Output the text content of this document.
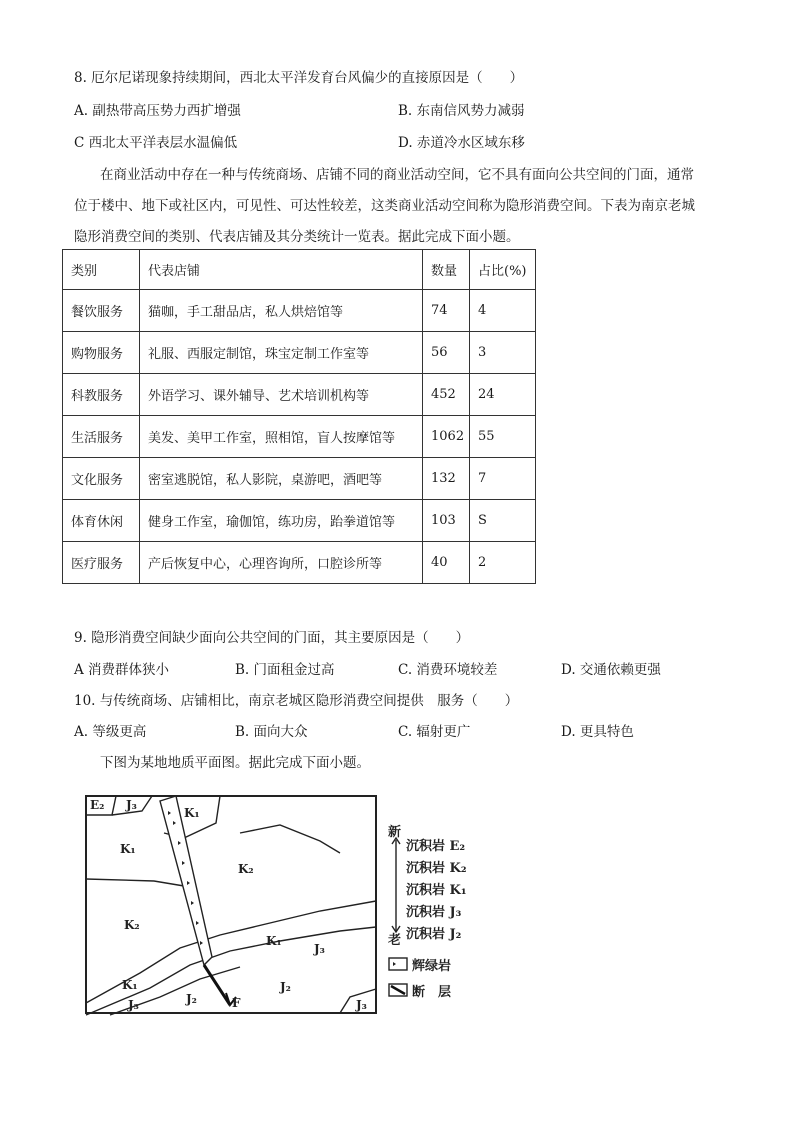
8. 厄尔尼诺现象持续期间，西北太平洋发育台风偏少的直接原因是（　　）
A. 副热带高压势力西扩增强	B. 东南信风势力减弱
C 西北太平洋表层水温偏低	D. 赤道冷水区域东移
在商业活动中存在一种与传统商场、店铺不同的商业活动空间，它不具有面向公共空间的门面，通常
位于楼中、地下或社区内，可见性、可达性较差，这类商业活动空间称为隐形消费空间。下表为南京老城
隐形消费空间的类别、代表店铺及其分类统计一览表。据此完成下面小题。
类别	代表店铺	数量	占比(%)
餐饮服务	猫咖，手工甜品店，私人烘焙馆等	74	4
购物服务	礼服、西服定制馆，珠宝定制工作室等	56	3
科教服务	外语学习、课外辅导、艺术培训机构等	452	24
生活服务	美发、美甲工作室，照相馆，盲人按摩馆等	1062	55
文化服务	密室逃脱馆，私人影院，桌游吧，酒吧等	132	7
体育休闲	健身工作室，瑜伽馆，练功房，跆拳道馆等	103	S
医疗服务	产后恢复中心，心理咨询所，口腔诊所等	40	2
9. 隐形消费空间缺少面向公共空间的门面，其主要原因是（　　）
A 消费群体狭小	B. 门面租金过高	C. 消费环境较差	D. 交通依赖更强
10. 与传统商场、店铺相比，南京老城区隐形消费空间提供　服务（　　）
A. 等级更高	B. 面向大众	C. 辐射更广	D. 更具特色
下图为某地地质平面图。据此完成下面小题。
E₂ J₃
K₁
K₁
K₂
K₂
K₁
J₃
K₁
J₃	J₂
J₂
J₃
F
新
老
沉积岩 E₂
沉积岩 K₂
沉积岩 K₁
沉积岩 J₃
沉积岩 J₂
辉绿岩
断　层
